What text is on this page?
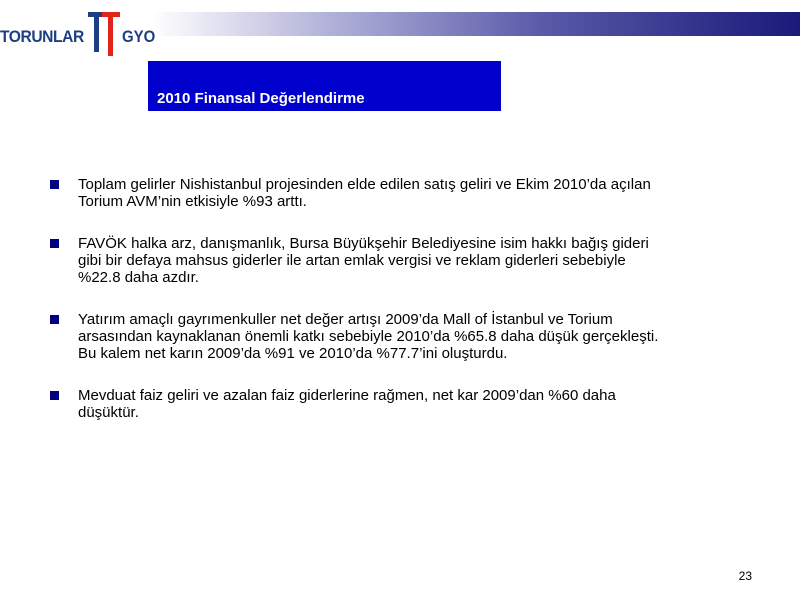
TORUNLAR GYO
2010 Finansal Değerlendirme
Toplam gelirler Nishistanbul projesinden elde edilen satış geliri ve Ekim 2010’da açılan Torium AVM’nin etkisiyle %93 arttı.
FAVÖK halka arz, danışmanlık, Bursa Büyükşehir Belediyesine isim hakkı bağış gideri gibi bir defaya mahsus giderler ile artan emlak vergisi ve reklam giderleri sebebiyle %22.8 daha azdır.
Yatırım amaçlı gayrımenkuller net değer artışı 2009’da Mall of İstanbul ve Torium arsasından kaynaklanan önemli katkı sebebiyle 2010’da %65.8 daha düşük gerçekleşti. Bu kalem net karın 2009’da %91 ve 2010’da %77.7’ini oluşturdu.
Mevduat faiz geliri ve azalan faiz giderlerine rağmen, net kar 2009’dan %60 daha düşüktür.
23
